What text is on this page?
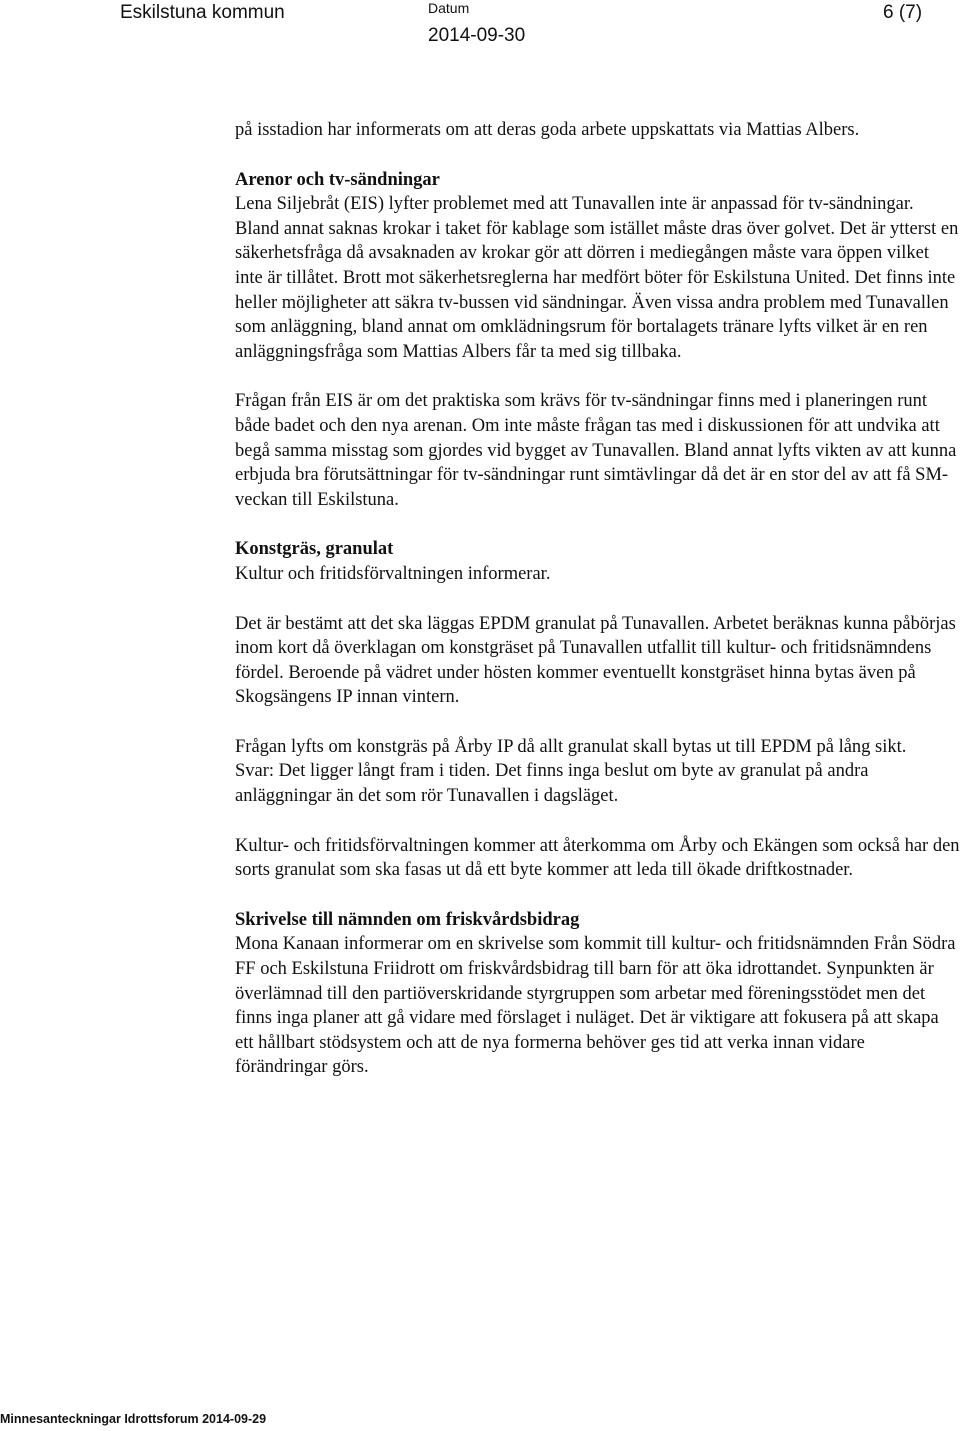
Eskilstuna kommun	Datum
2014-09-30
6 (7)

på isstadion har informerats om att deras goda arbete uppskattats via Mattias Albers.

Arenor och tv-sändningar

Lena Siljebråt (EIS) lyfter problemet med att Tunavallen inte är anpassad för tv-sändningar. Bland annat saknas krokar i taket för kablage som istället måste dras över golvet. Det är ytterst en säkerhetsfråga då avsaknaden av krokar gör att dörren i mediegången måste vara öppen vilket inte är tillåtet. Brott mot säkerhetsreglerna har medfört böter för Eskilstuna United. Det finns inte heller möjligheter att säkra tv-bussen vid sändningar. Även vissa andra problem med Tunavallen som anläggning, bland annat om omklädningsrum för bortalagets tränare lyfts vilket är en ren anläggningsfråga som Mattias Albers får ta med sig tillbaka.

Frågan från EIS är om det praktiska som krävs för tv-sändningar finns med i planeringen runt både badet och den nya arenan. Om inte måste frågan tas med i diskussionen för att undvika att begå samma misstag som gjordes vid bygget av Tunavallen. Bland annat lyfts vikten av att kunna erbjuda bra förutsättningar för tv-sändningar runt simtävlingar då det är en stor del av att få SM-veckan till Eskilstuna.

Konstgräs, granulat

Kultur och fritidsförvaltningen informerar.

Det är bestämt att det ska läggas EPDM granulat på Tunavallen. Arbetet beräknas kunna påbörjas inom kort då överklagan om konstgräset på Tunavallen utfallit till kultur- och fritidsnämndens fördel. Beroende på vädret under hösten kommer eventuellt konstgräset hinna bytas även på Skogsängens IP innan vintern.

Frågan lyfts om konstgräs på Årby IP då allt granulat skall bytas ut till EPDM på lång sikt.
Svar: Det ligger långt fram i tiden. Det finns inga beslut om byte av granulat på andra anläggningar än det som rör Tunavallen i dagsläget.

Kultur- och fritidsförvaltningen kommer att återkomma om Årby och Ekängen som också har den sorts granulat som ska fasas ut då ett byte kommer att leda till ökade driftkostnader.

Skrivelse till nämnden om friskvårdsbidrag

Mona Kanaan informerar om en skrivelse som kommit till kultur- och fritidsnämnden Från Södra FF och Eskilstuna Friidrott om friskvårdsbidrag till barn för att öka idrottandet. Synpunkten är överlämnad till den partiöverskridande styrgruppen som arbetar med föreningsstödet men det finns inga planer att gå vidare med förslaget i nuläget. Det är viktigare att fokusera på att skapa ett hållbart stödsystem och att de nya formerna behöver ges tid att verka innan vidare förändringar görs.

Minnesanteckningar Idrottsforum 2014-09-29
